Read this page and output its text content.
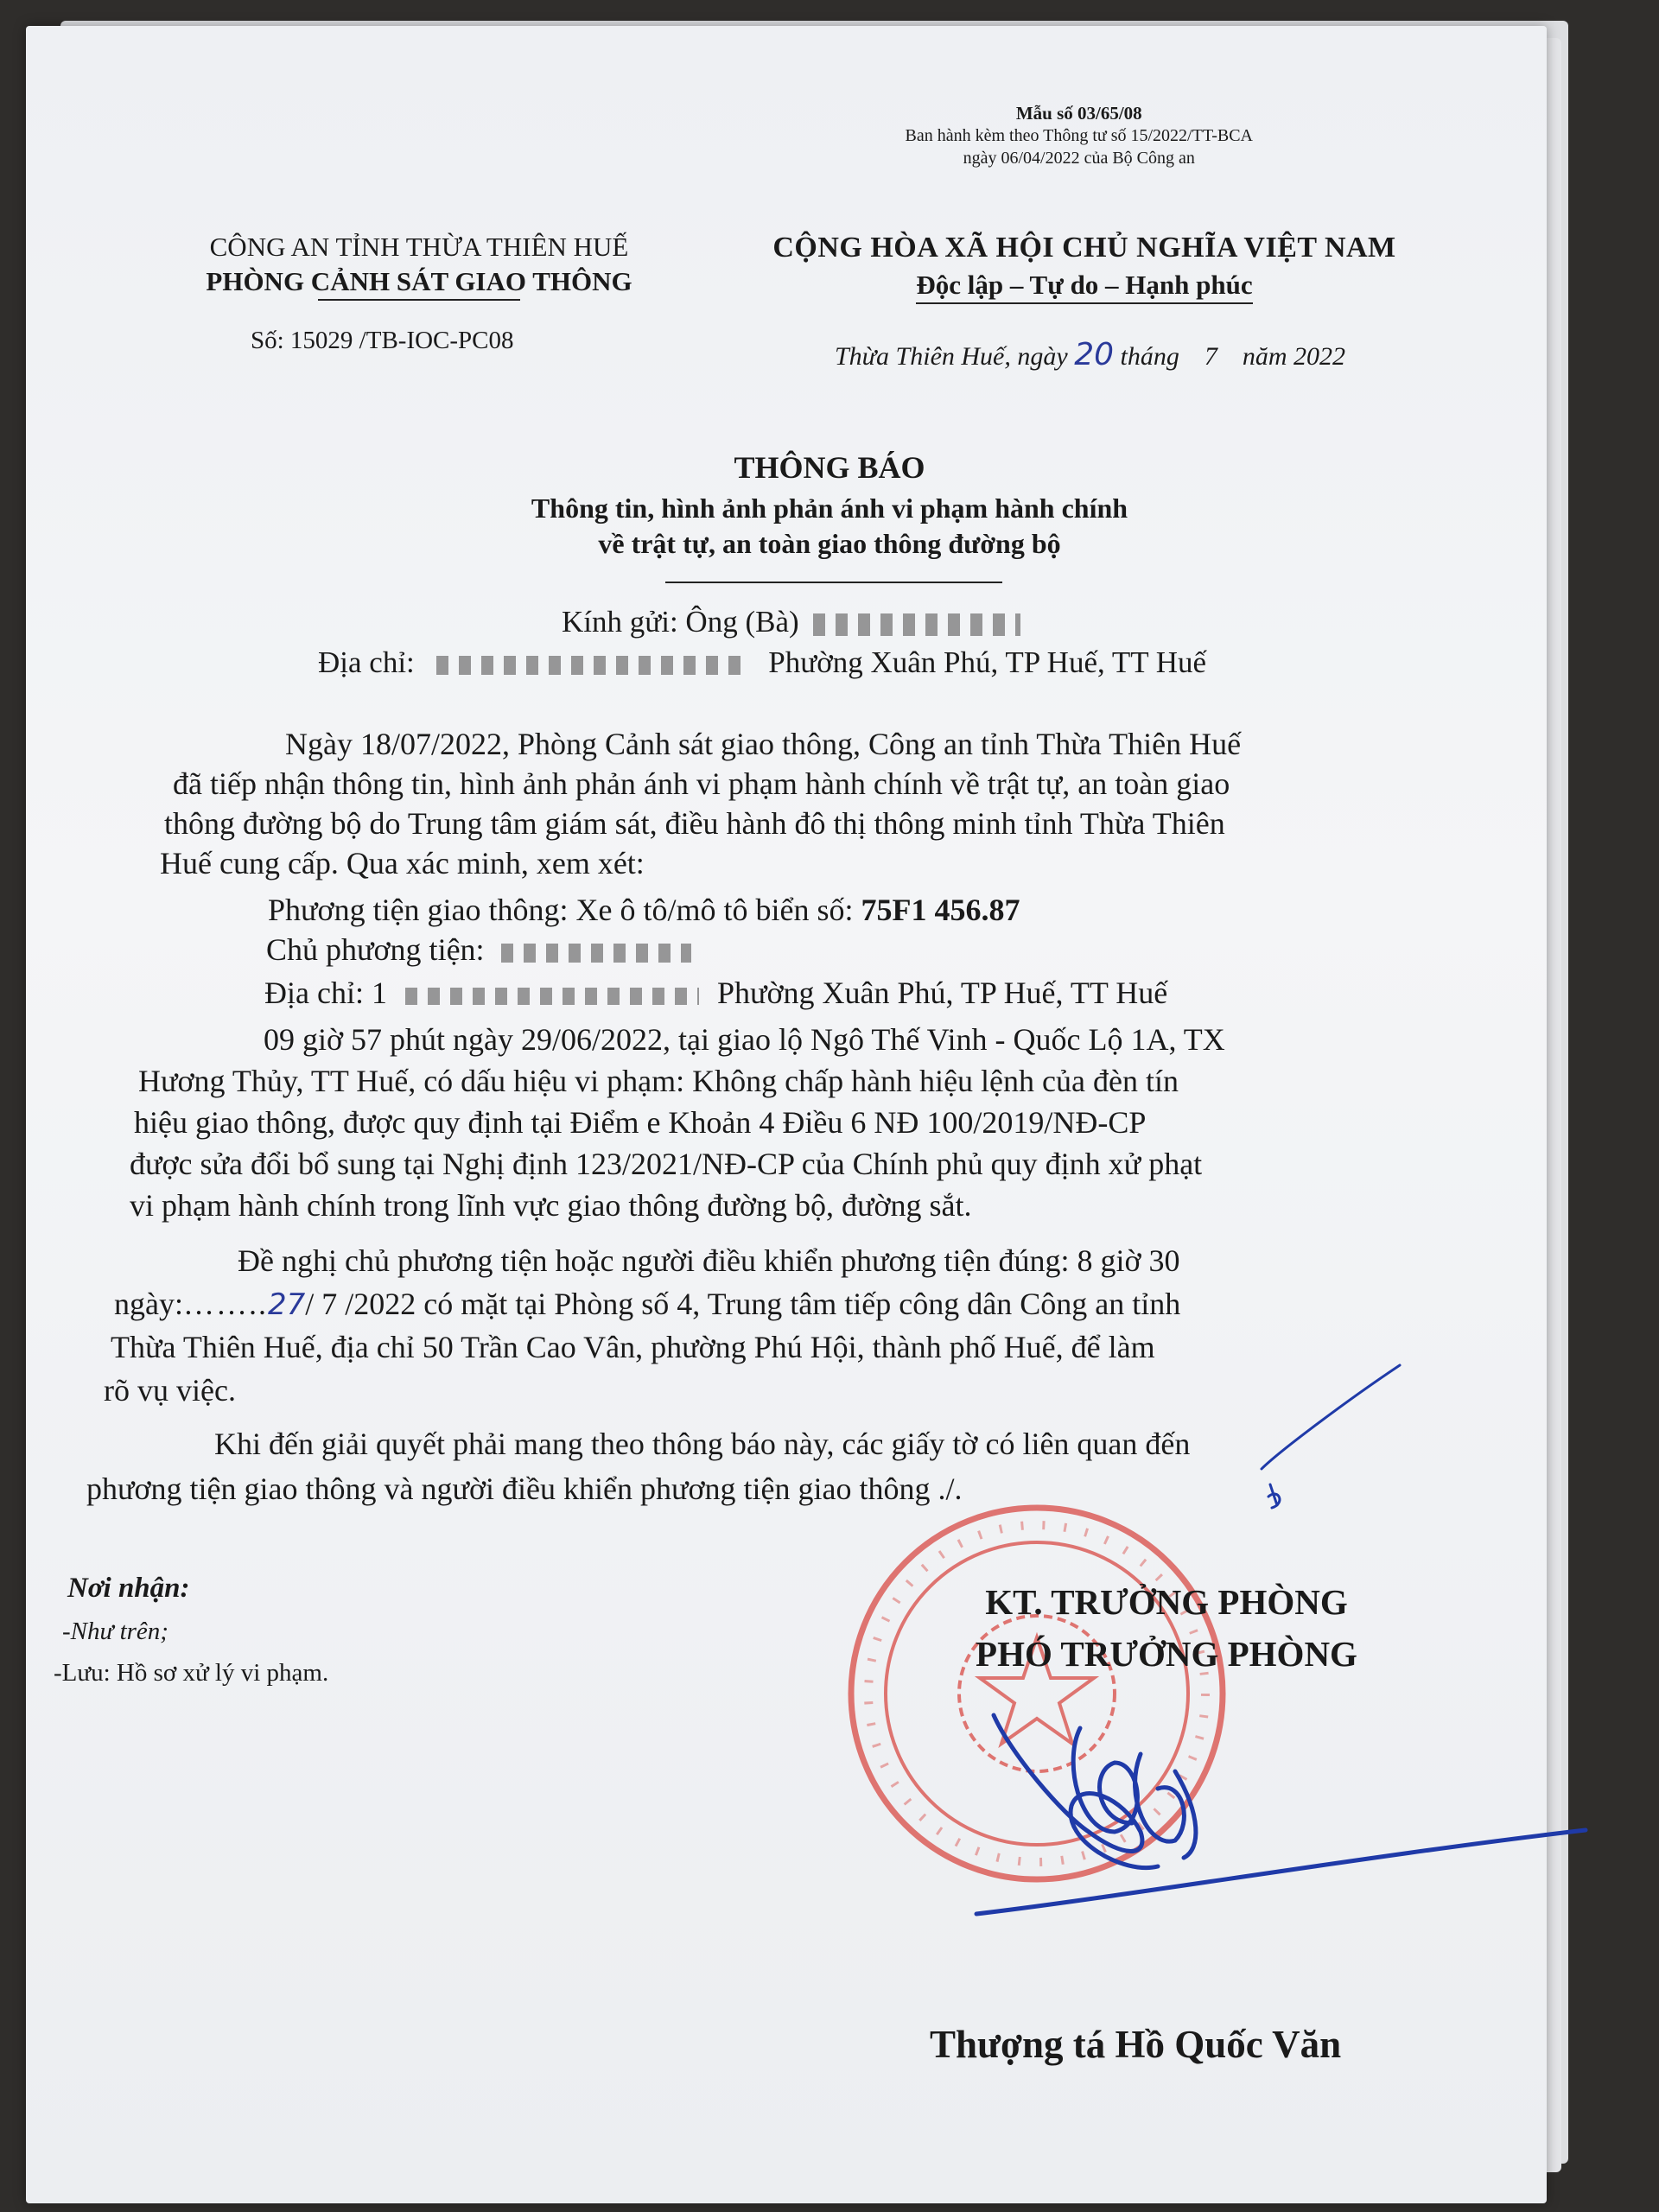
Mẫu số 03/65/08
Ban hành kèm theo Thông tư số 15/2022/TT-BCA
ngày 06/04/2022 của Bộ Công an
CÔNG AN TỈNH THỪA THIÊN HUẾ
PHÒNG CẢNH SÁT GIAO THÔNG
Số: 15029 /TB-IOC-PC08
CỘNG HÒA XÃ HỘI CHỦ NGHĨA VIỆT NAM
Độc lập – Tự do – Hạnh phúc
Thừa Thiên Huế, ngày 20 tháng 7 năm 2022
THÔNG BÁO
Thông tin, hình ảnh phản ánh vi phạm hành chính
về trật tự, an toàn giao thông đường bộ
Kính gửi: Ông (Bà)
Địa chỉ:	Phường Xuân Phú, TP Huế, TT Huế
Ngày 18/07/2022, Phòng Cảnh sát giao thông, Công an tỉnh Thừa Thiên Huế
đã tiếp nhận thông tin, hình ảnh phản ánh vi phạm hành chính về trật tự, an toàn giao
thông đường bộ do Trung tâm giám sát, điều hành đô thị thông minh tỉnh Thừa Thiên
Huế cung cấp. Qua xác minh, xem xét:
Phương tiện giao thông: Xe ô tô/mô tô biển số: 75F1 456.87
Chủ phương tiện:
Địa chỉ: 1	Phường Xuân Phú, TP Huế, TT Huế
09 giờ 57 phút ngày 29/06/2022, tại giao lộ Ngô Thế Vinh - Quốc Lộ 1A, TX
Hương Thủy, TT Huế, có dấu hiệu vi phạm: Không chấp hành hiệu lệnh của đèn tín
hiệu giao thông, được quy định tại Điểm e Khoản 4 Điều 6 NĐ 100/2019/NĐ-CP
được sửa đổi bổ sung tại Nghị định 123/2021/NĐ-CP của Chính phủ quy định xử phạt
vi phạm hành chính trong lĩnh vực giao thông đường bộ, đường sắt.
Đề nghị chủ phương tiện hoặc người điều khiển phương tiện đúng: 8 giờ 30
ngày:……..27/ 7 /2022 có mặt tại Phòng số 4, Trung tâm tiếp công dân Công an tỉnh
Thừa Thiên Huế, địa chỉ 50 Trần Cao Vân, phường Phú Hội, thành phố Huế, để làm
rõ vụ việc.
Khi đến giải quyết phải mang theo thông báo này, các giấy tờ có liên quan đến
phương tiện giao thông và người điều khiển phương tiện giao thông ./.
Nơi nhận:
-Như trên;
-Lưu: Hồ sơ xử lý vi phạm.
KT. TRƯỞNG PHÒNG
PHÓ TRƯỞNG PHÒNG
Thượng tá Hồ Quốc Văn
